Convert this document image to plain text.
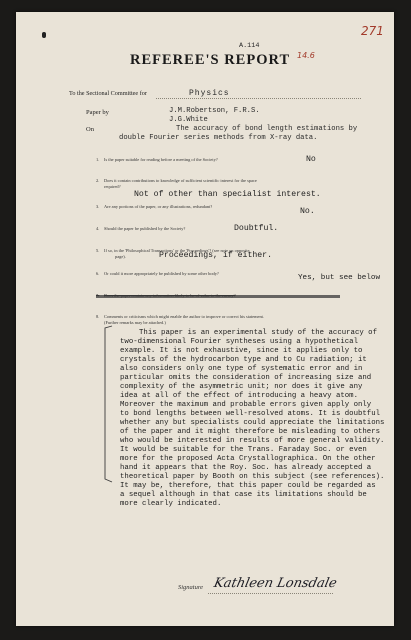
271
A.114
14.6
REFEREE'S REPORT
To the Sectional Committee for	Physics
Paper by	J.M.Robertson, F.R.S.
J.G.White
On	The accuracy of bond length estimations by
double Fourier series methods from X-ray data.
1. Is the paper suitable for reading before a meeting of the Society?	No
2. Does it contain contributions to knowledge of sufficient scientific interest for the space
required?
Not of other than specialist interest.
3. Are any portions of the paper, or any illustrations, redundant?
No.
4. Should the paper be published by the Society?	Doubtful.
5. If so, in the 'Philosophical Transactions' or the 'Proceedings'? (see note on opposite
page).	Proceedings, if either.
6. Or could it more appropriately be published by some other body?
Yes, but see below
8. Comments or criticisms which might enable the author to improve or correct his statement.
(Further remarks may be attached.)
This paper is an experimental study of the accuracy of
two-dimensional Fourier syntheses using a hypothetical
example. It is not exhaustive, since it applies only to
crystals of the hydrocarbon type and to Cu radiation; it
also considers only one type of systematic error and in
particular omits the consideration of increasing size and
complexity of the asymmetric unit; nor does it give any
idea at all of the effect of introducing a heavy atom.
Moreover the maximum and probable errors given apply only
to bond lengths between well-resolved atoms. It is doubtful
whether any but specialists could appreciate the limitations
of the paper and it might therefore be misleading to others
who would be interested in results of more general validity.
It would be suitable for the Trans. Faraday Soc. or even
more for the proposed Acta Crystallographica. On the other
hand it appears that the Roy. Soc. has already accepted a
theoretical paper by Booth on this subject (see references).
It may be, therefore, that this paper could be regarded as
a sequel although in that case its limitations should be
more clearly indicated.
Signature Kathleen Lonsdale
